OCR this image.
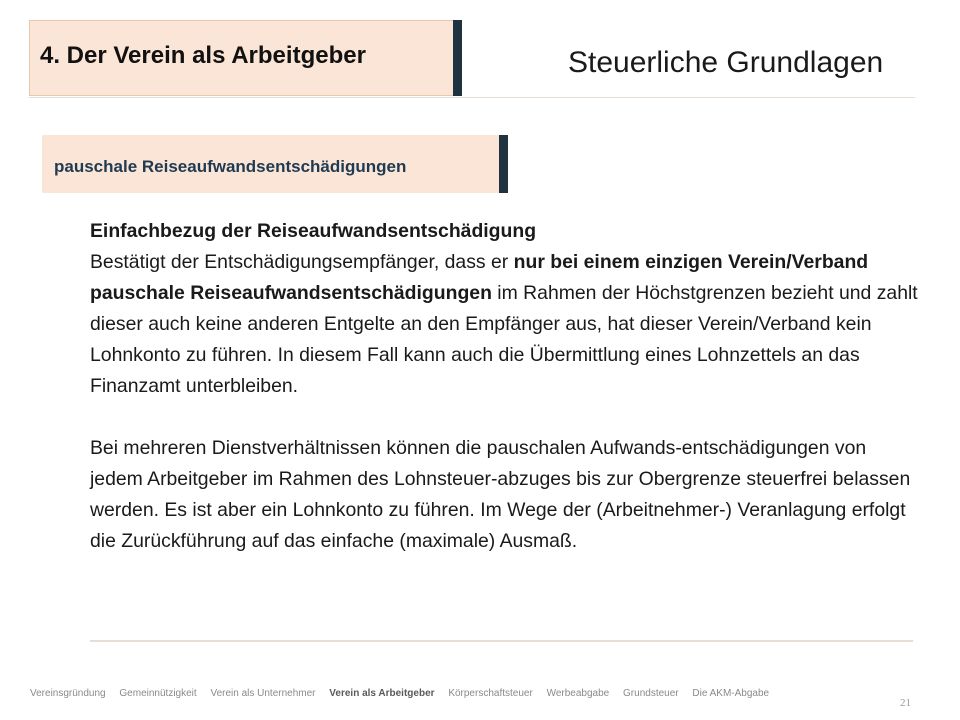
4. Der Verein als Arbeitgeber	Steuerliche Grundlagen
pauschale Reiseaufwandsentschädigungen

Einfachbezug der Reiseaufwandsentschädigung

Bestätigt der Entschädigungsempfänger, dass er nur bei einem einzigen Verein/Verband pauschale Reiseaufwandsentschädigungen im Rahmen der Höchstgrenzen bezieht und zahlt dieser auch keine anderen Entgelte an den Empfänger aus, hat dieser Verein/Verband kein Lohnkonto zu führen. In diesem Fall kann auch die Übermittlung eines Lohnzettels an das Finanzamt unterbleiben.

Bei mehreren Dienstverhältnissen können die pauschalen Aufwands-entschädigungen von jedem Arbeitgeber im Rahmen des Lohnsteuer-abzuges bis zur Obergrenze steuerfrei belassen werden. Es ist aber ein Lohnkonto zu führen. Im Wege der (Arbeitnehmer-) Veranlagung erfolgt die Zurückführung auf das einfache (maximale) Ausmaß.

Vereinsgründung Gemeinnützigkeit Verein als Unternehmer Verein als Arbeitgeber Körperschaftsteuer Werbeabgabe Grundsteuer Die AKM-Abgabe
21
